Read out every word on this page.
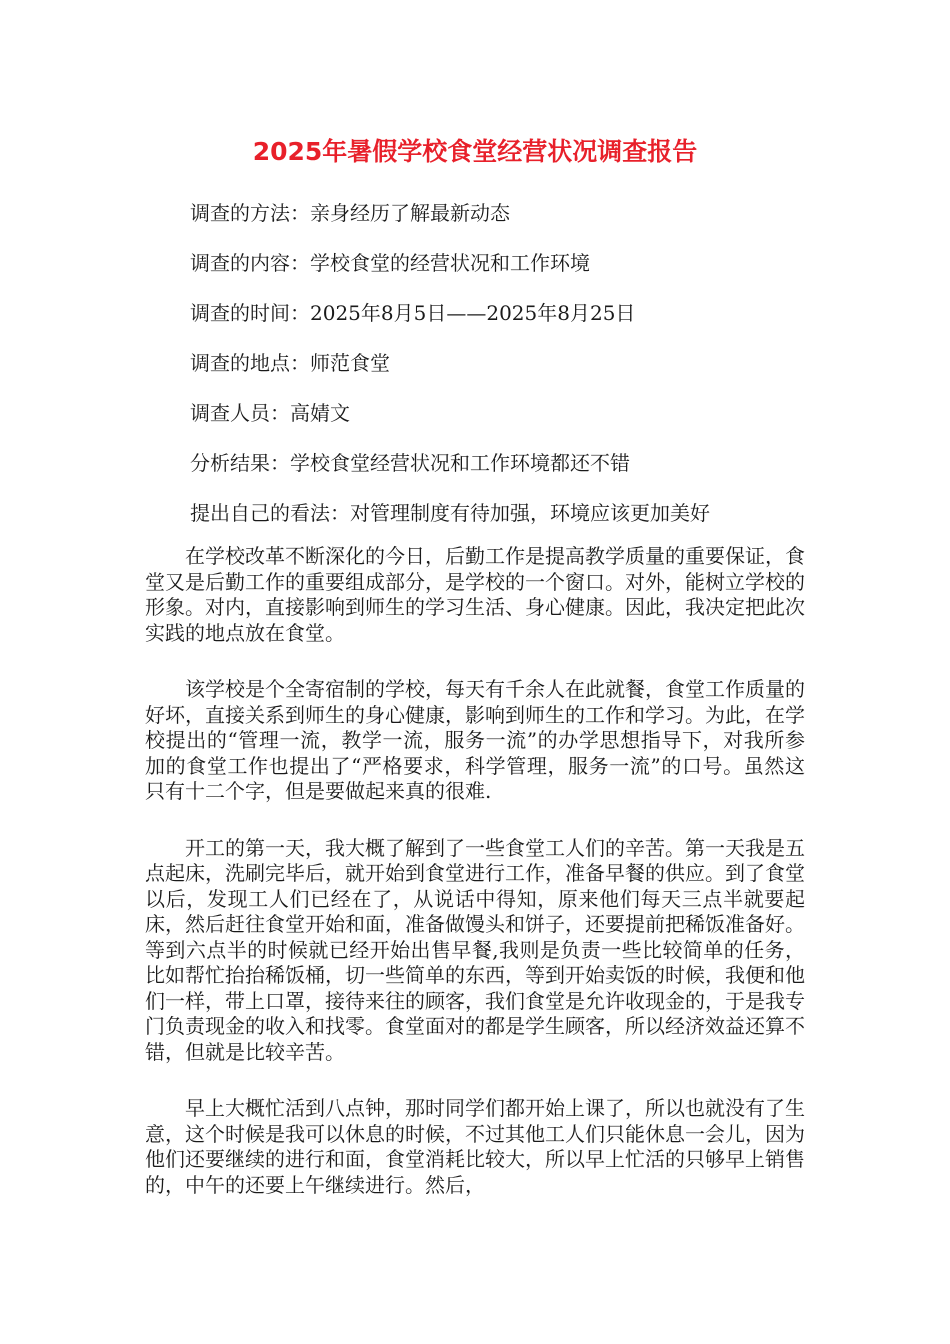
2025年暑假学校食堂经营状况调查报告
调查的方法：亲身经历了解最新动态
调查的内容：学校食堂的经营状况和工作环境
调查的时间：2025年8月5日——2025年8月25日
调查的地点：师范食堂
调查人员：高婧文
分析结果：学校食堂经营状况和工作环境都还不错
提出自己的看法：对管理制度有待加强，环境应该更加美好

在学校改革不断深化的今日，后勤工作是提高教学质量的重要保证，食堂又是后勤工作的重要组成部分，是学校的一个窗口。对外，能树立学校的形象。对内，直接影响到师生的学习生活、身心健康。因此，我决定把此次实践的地点放在食堂。

该学校是个全寄宿制的学校，每天有千余人在此就餐，食堂工作质量的好坏，直接关系到师生的身心健康，影响到师生的工作和学习。为此，在学校提出的“管理一流，教学一流，服务一流”的办学思想指导下，对我所参加的食堂工作也提出了“严格要求，科学管理，服务一流”的口号。虽然这只有十二个字，但是要做起来真的很难.

开工的第一天，我大概了解到了一些食堂工人们的辛苦。第一天我是五点起床，洗刷完毕后，就开始到食堂进行工作，准备早餐的供应。到了食堂以后，发现工人们已经在了，从说话中得知，原来他们每天三点半就要起床，然后赶往食堂开始和面，准备做馒头和饼子，还要提前把稀饭准备好。等到六点半的时候就已经开始出售早餐,我则是负责一些比较简单的任务，比如帮忙抬抬稀饭桶，切一些简单的东西，等到开始卖饭的时候，我便和他们一样，带上口罩，接待来往的顾客，我们食堂是允许收现金的，于是我专门负责现金的收入和找零。食堂面对的都是学生顾客，所以经济效益还算不错，但就是比较辛苦。

早上大概忙活到八点钟，那时同学们都开始上课了，所以也就没有了生意，这个时候是我可以休息的时候，不过其他工人们只能休息一会儿，因为他们还要继续的进行和面，食堂消耗比较大，所以早上忙活的只够早上销售的，中午的还要上午继续进行。然后，
